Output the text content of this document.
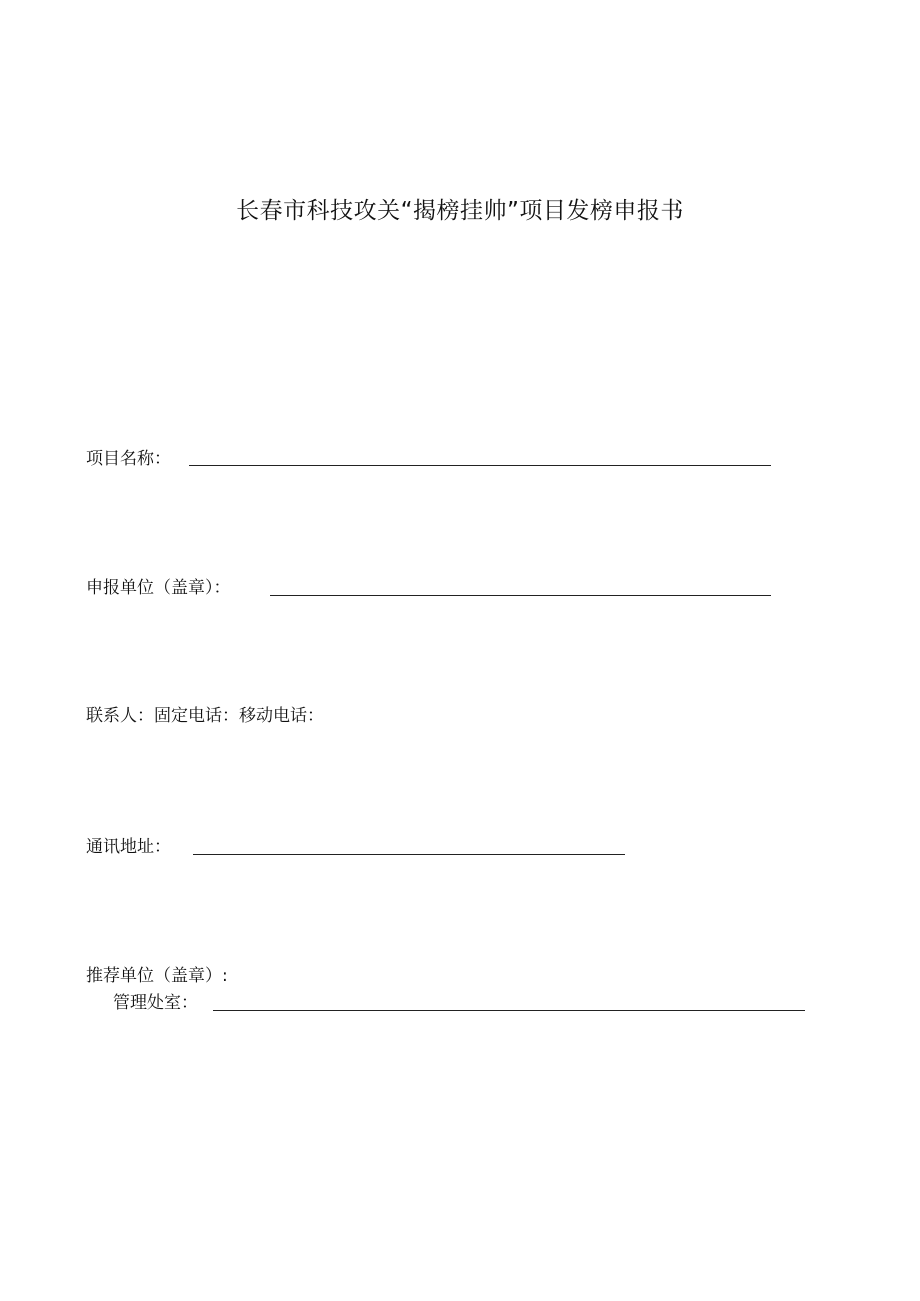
长春市科技攻关“揭榜挂帅”项目发榜申报书
项目名称：
申报单位（盖章）：
联系人：固定电话：移动电话：
通讯地址：
推荐单位（盖章）:
管理处室：
